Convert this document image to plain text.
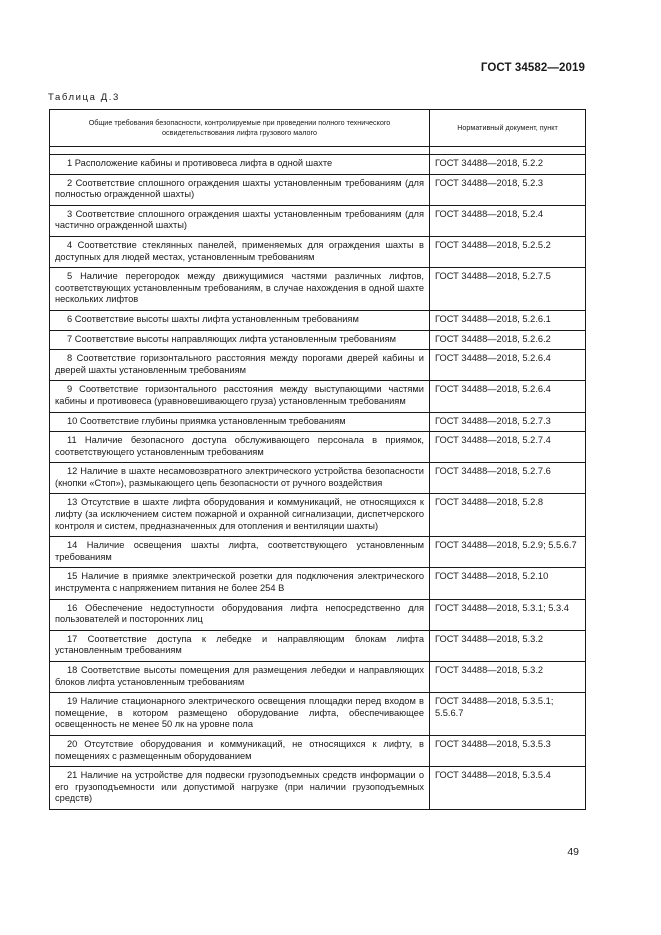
ГОСТ 34582—2019
Таблица Д.3
Общие требования безопасности, контролируемые при проведении полного технического освидетельствования лифта грузового малого	Нормативный документ, пункт

1 Расположение кабины и противовеса лифта в одной шахте	ГОСТ 34488—2018, 5.2.2
2 Соответствие сплошного ограждения шахты установленным требованиям (для полностью огражденной шахты)	ГОСТ 34488—2018, 5.2.3
3 Соответствие сплошного ограждения шахты установленным требованиям (для частично огражденной шахты)	ГОСТ 34488—2018, 5.2.4
4 Соответствие стеклянных панелей, применяемых для ограждения шахты в доступных для людей местах, установленным требованиям	ГОСТ 34488—2018, 5.2.5.2
5 Наличие перегородок между движущимися частями различных лифтов, соответствующих установленным требованиям, в случае нахождения в одной шахте нескольких лифтов	ГОСТ 34488—2018, 5.2.7.5
6 Соответствие высоты шахты лифта установленным требованиям	ГОСТ 34488—2018, 5.2.6.1
7 Соответствие высоты направляющих лифта установленным требованиям	ГОСТ 34488—2018, 5.2.6.2
8 Соответствие горизонтального расстояния между порогами дверей кабины и дверей шахты установленным требованиям	ГОСТ 34488—2018, 5.2.6.4
9 Соответствие горизонтального расстояния между выступающими частями кабины и противовеса (уравновешивающего груза) установленным требованиям	ГОСТ 34488—2018, 5.2.6.4
10 Соответствие глубины приямка установленным требованиям	ГОСТ 34488—2018, 5.2.7.3
11 Наличие безопасного доступа обслуживающего персонала в приямок, соответствующего установленным требованиям	ГОСТ 34488—2018, 5.2.7.4
12 Наличие в шахте несамовозвратного электрического устройства безопасности (кнопки «Стоп»), размыкающего цепь безопасности от ручного воздействия	ГОСТ 34488—2018, 5.2.7.6
13 Отсутствие в шахте лифта оборудования и коммуникаций, не относящихся к лифту (за исключением систем пожарной и охранной сигнализации, диспетчерского контроля и систем, предназначенных для отопления и вентиляции шахты)	ГОСТ 34488—2018, 5.2.8
14 Наличие освещения шахты лифта, соответствующего установленным требованиям	ГОСТ 34488—2018, 5.2.9; 5.5.6.7
15 Наличие в приямке электрической розетки для подключения электрического инструмента с напряжением питания не более 254 В	ГОСТ 34488—2018, 5.2.10
16 Обеспечение недоступности оборудования лифта непосредственно для пользователей и посторонних лиц	ГОСТ 34488—2018, 5.3.1; 5.3.4
17 Соответствие доступа к лебедке и направляющим блокам лифта установленным требованиям	ГОСТ 34488—2018, 5.3.2
18 Соответствие высоты помещения для размещения лебедки и направляющих блоков лифта установленным требованиям	ГОСТ 34488—2018, 5.3.2
19 Наличие стационарного электрического освещения площадки перед входом в помещение, в котором размещено оборудование лифта, обеспечивающее освещенность не менее 50 лк на уровне пола	ГОСТ 34488—2018, 5.3.5.1; 5.5.6.7
20 Отсутствие оборудования и коммуникаций, не относящихся к лифту, в помещениях с размещенным оборудованием	ГОСТ 34488—2018, 5.3.5.3
21 Наличие на устройстве для подвески грузоподъемных средств информации о его грузоподъемности или допустимой нагрузке (при наличии грузоподъемных средств)	ГОСТ 34488—2018, 5.3.5.4
49
